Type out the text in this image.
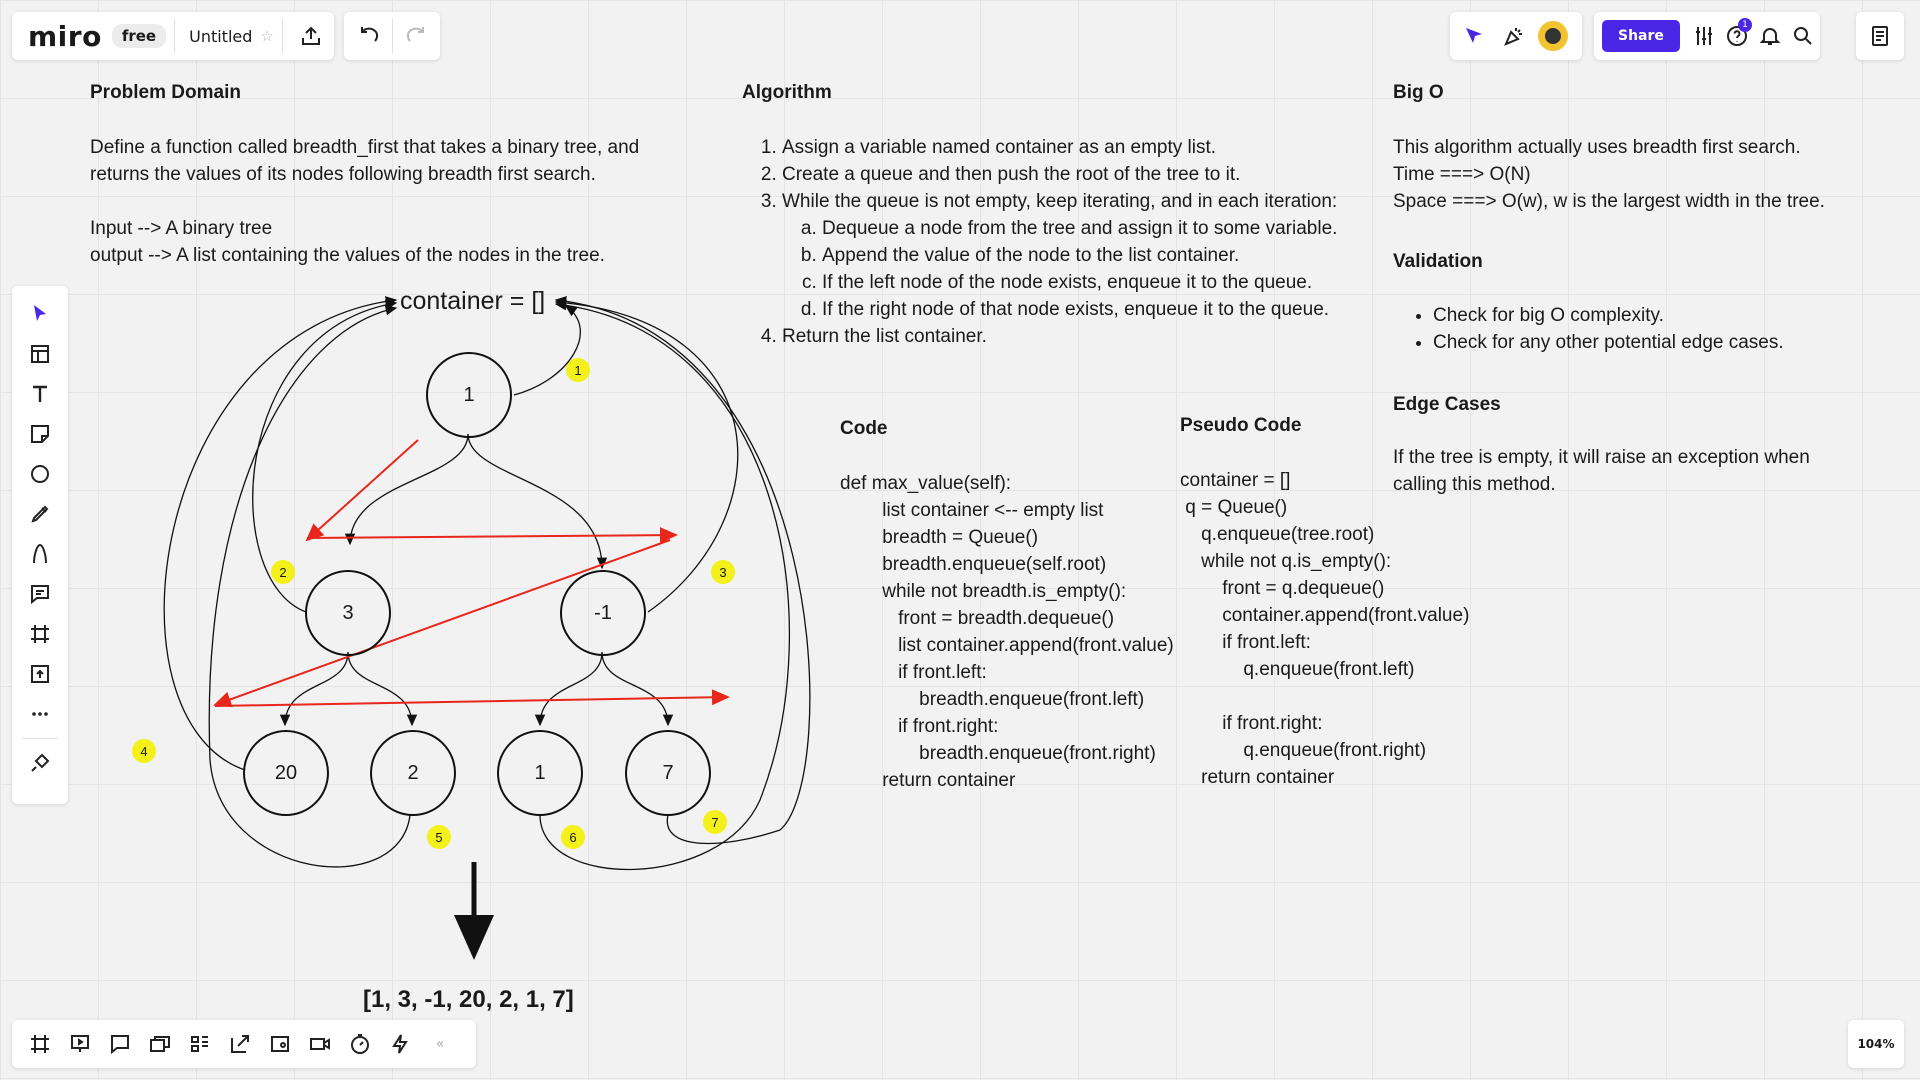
miro	free	Untitled ☆	Share
1
«	104%
Problem Domain
Define a function called breadth_first that takes a binary tree, and
returns the values of its nodes following breadth first search.
Input --> A binary tree
output --> A list containing the values of the nodes in the tree.
Algorithm
1. Assign a variable named container as an empty list.
2. Create a queue and then push the root of the tree to it.
3. While the queue is not empty, keep iterating, and in each iteration:
a. Dequeue a node from the tree and assign it to some variable.
b. Append the value of the node to the list container.
c. If the left node of the node exists, enqueue it to the queue.
d. If the right node of that node exists, enqueue it to the queue.
4. Return the list container.
Big O
This algorithm actually uses breadth first search.
Time ===> O(N)
Space ===> O(w), w is the largest width in the tree.
Validation
• Check for big O complexity.
• Check for any other potential edge cases.
Edge Cases
If the tree is empty, it will raise an exception when
calling this method.
Code
def max_value(self):
list container <-- empty list
breadth = Queue()
breadth.enqueue(self.root)
while not breadth.is_empty():
front = breadth.dequeue()
list container.append(front.value)
if front.left:
breadth.enqueue(front.left)
if front.right:
breadth.enqueue(front.right)
return container
Pseudo Code
container = []
q = Queue()
q.enqueue(tree.root)
while not q.is_empty():
front = q.dequeue()
container.append(front.value)
if front.left:
q.enqueue(front.left)
if front.right:
q.enqueue(front.right)
return container
container = []
1
3	-1
20	2	1	7
1
2	3
4
5	6
7
[1, 3, -1, 20, 2, 1, 7]
